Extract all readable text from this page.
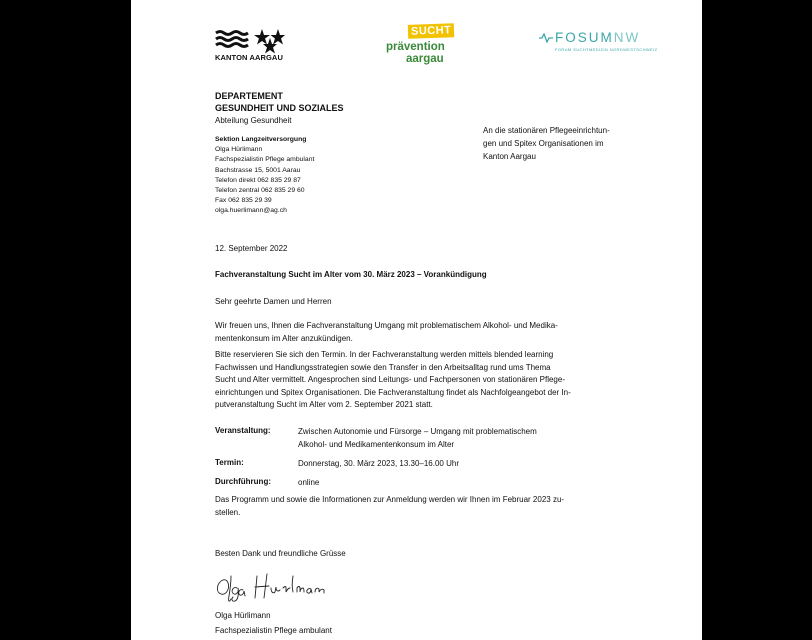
KANTON AARGAU
SUCHT
prävention
aargau
FOSUMNW
FORUM SUCHTMEDIZIN NORDWESTSCHWEIZ
DEPARTEMENT
GESUNDHEIT UND SOZIALES
Abteilung Gesundheit
Sektion Langzeitversorgung
Olga Hürlimann
Fachspezialistin Pflege ambulant
Bachstrasse 15, 5001 Aarau
Telefon direkt 062 835 29 87
Telefon zentral 062 835 29 60
Fax 062 835 29 39
olga.huerlimann@ag.ch
An die stationären Pflegeeinrichtun-
gen und Spitex Organisationen im
Kanton Aargau
12. September 2022
Fachveranstaltung Sucht im Alter vom 30. März 2023 – Vorankündigung
Sehr geehrte Damen und Herren
Wir freuen uns, Ihnen die Fachveranstaltung Umgang mit problematischem Alkohol- und Medika-
mentenkonsum im Alter anzukündigen.
Bitte reservieren Sie sich den Termin. In der Fachveranstaltung werden mittels blended learning
Fachwissen und Handlungsstrategien sowie den Transfer in den Arbeitsalltag rund ums Thema
Sucht und Alter vermittelt. Angesprochen sind Leitungs- und Fachpersonen von stationären Pflege-
einrichtungen und Spitex Organisationen. Die Fachveranstaltung findet als Nachfolgeangebot der In-
putveranstaltung Sucht im Alter vom 2. September 2021 statt.
Veranstaltung:	Zwischen Autonomie und Fürsorge – Umgang mit problematischem
Alkohol- und Medikamentenkonsum im Alter
Termin:	Donnerstag, 30. März 2023, 13.30–16.00 Uhr
Durchführung:	online
Das Programm und sowie die Informationen zur Anmeldung werden wir Ihnen im Februar 2023 zu-
stellen.
Besten Dank und freundliche Grüsse
Olga Hürlimann
Fachspezialistin Pflege ambulant
